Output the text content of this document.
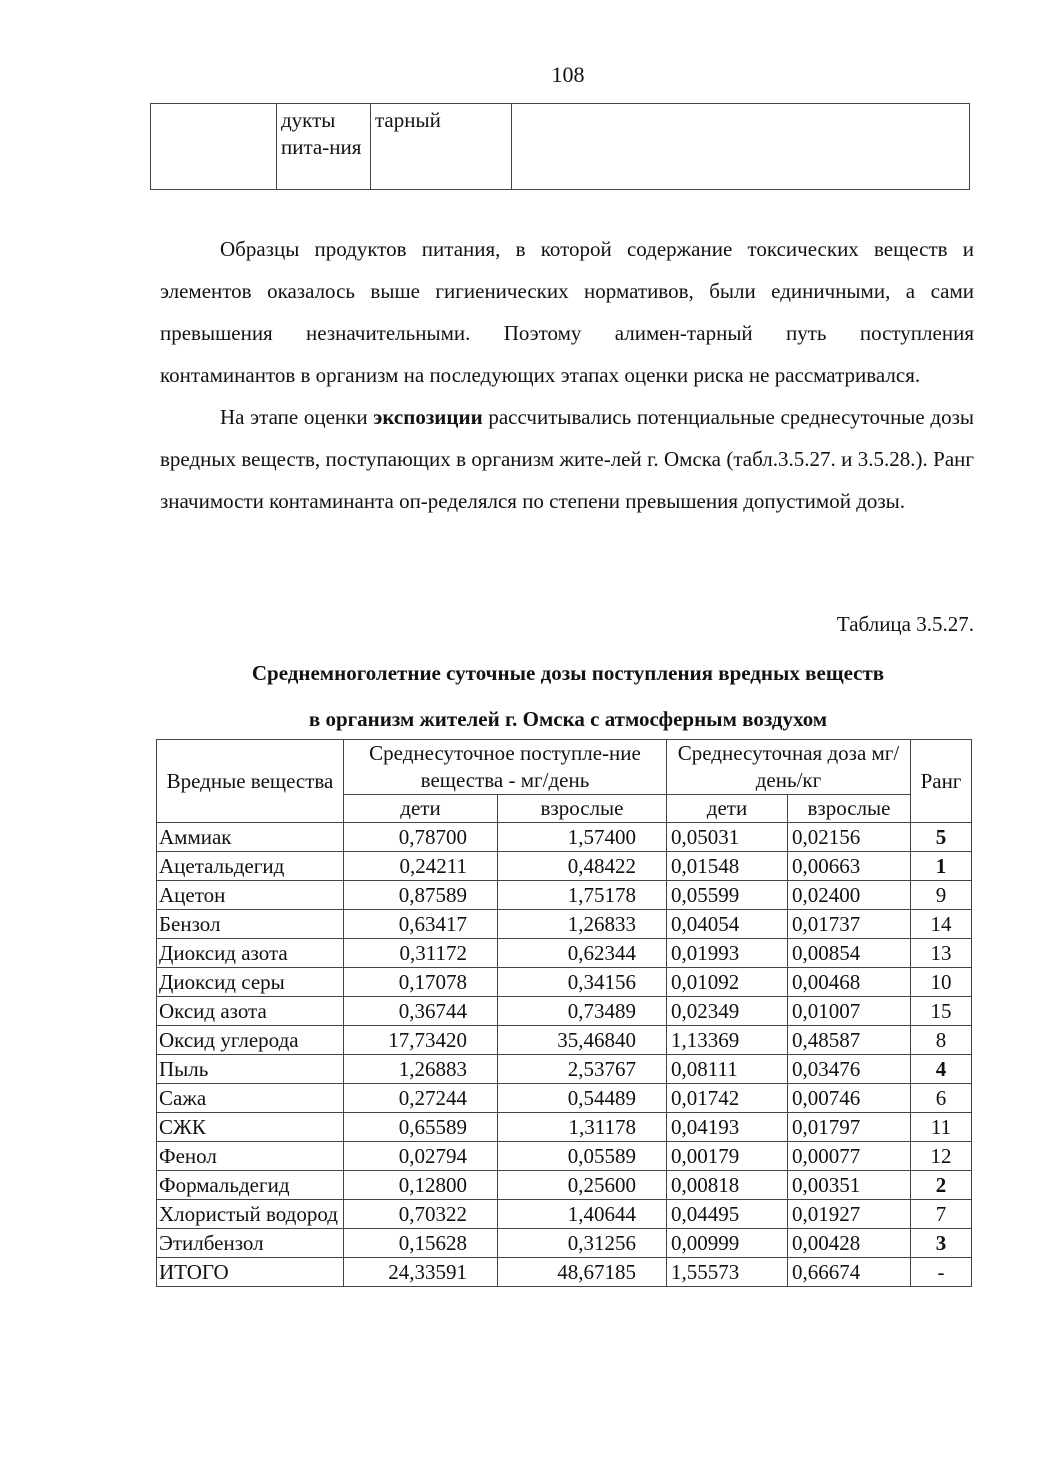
108
	дукты пита-ния	тарный	

Образцы продуктов питания, в которой содержание токсических веществ и элементов оказалось выше гигиенических нормативов, были единичными, а сами превышения незначительными. Поэтому алимен-тарный путь поступления контаминантов в организм на последующих этапах оценки риска не рассматривался.

На этапе оценки экспозиции рассчитывались потенциальные среднесуточные дозы вредных веществ, поступающих в организм жите-лей г. Омска (табл.3.5.27. и 3.5.28.). Ранг значимости контаминанта оп-ределялся по степени превышения допустимой дозы.

Таблица 3.5.27.
Среднемноголетние суточные дозы поступления вредных веществ
в организм жителей г. Омска с атмосферным воздухом
Вредные вещества	Среднесуточное поступле-ние вещества - мг/день		Среднесуточная доза мг/день/кг		Ранг
	дети	взрослые	дети	взрослые	
Аммиак	0,78700	1,57400	0,05031	0,02156	5
Ацетальдегид	0,24211	0,48422	0,01548	0,00663	1
Ацетон	0,87589	1,75178	0,05599	0,02400	9
Бензол	0,63417	1,26833	0,04054	0,01737	14
Диоксид азота	0,31172	0,62344	0,01993	0,00854	13
Диоксид серы	0,17078	0,34156	0,01092	0,00468	10
Оксид азота	0,36744	0,73489	0,02349	0,01007	15
Оксид углерода	17,73420	35,46840	1,13369	0,48587	8
Пыль	1,26883	2,53767	0,08111	0,03476	4
Сажа	0,27244	0,54489	0,01742	0,00746	6
СЖК	0,65589	1,31178	0,04193	0,01797	11
Фенол	0,02794	0,05589	0,00179	0,00077	12
Формальдегид	0,12800	0,25600	0,00818	0,00351	2
Хлористый водород	0,70322	1,40644	0,04495	0,01927	7
Этилбензол	0,15628	0,31256	0,00999	0,00428	3
ИТОГО	24,33591	48,67185	1,55573	0,66674	-
